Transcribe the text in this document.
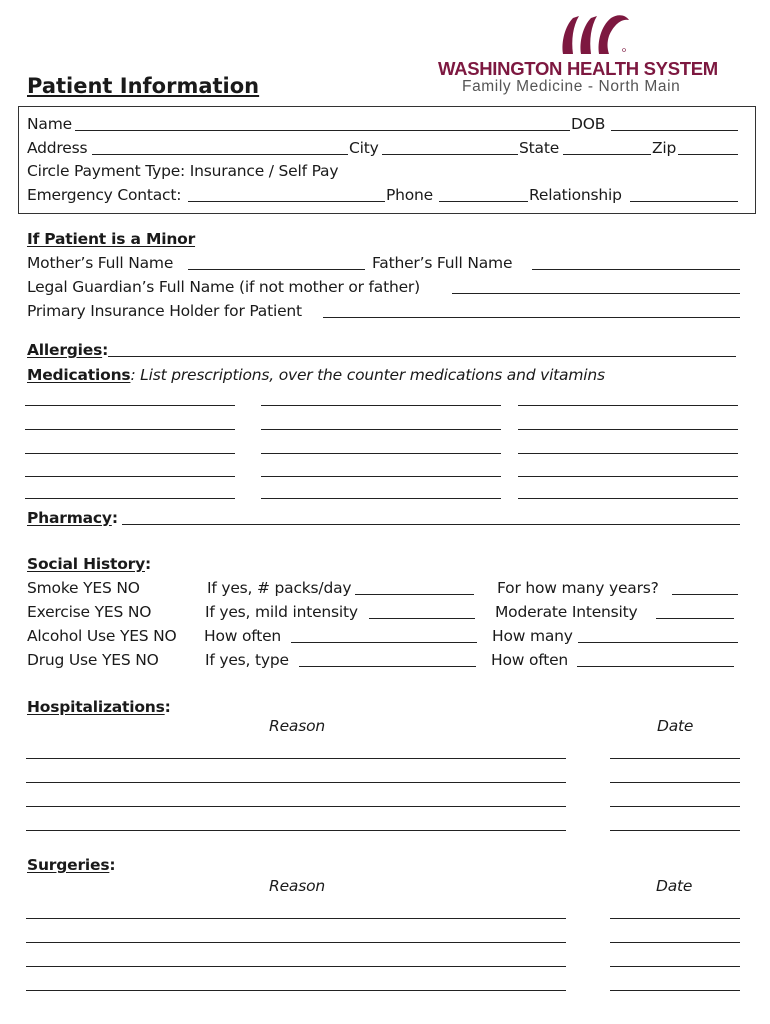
WASHINGTON HEALTH SYSTEM
Family Medicine - North Main
Patient Information
Name	DOB
Address	City	State	Zip
Circle Payment Type: Insurance / Self Pay
Emergency Contact:	Phone	Relationship
If Patient is a Minor
Mother’s Full Name	Father’s Full Name
Legal Guardian’s Full Name (if not mother or father)
Primary Insurance Holder for Patient
Allergies:
Medications: List prescriptions, over the counter medications and vitamins
Pharmacy:
Social History:
Smoke YES NO	If yes, # packs/day	For how many years?
Exercise YES NO	If yes, mild intensity	Moderate Intensity
Alcohol Use YES NO How often	How many
Drug Use YES NO	If yes, type	How often
Hospitalizations:
Reason	Date
Surgeries:
Reason	Date
